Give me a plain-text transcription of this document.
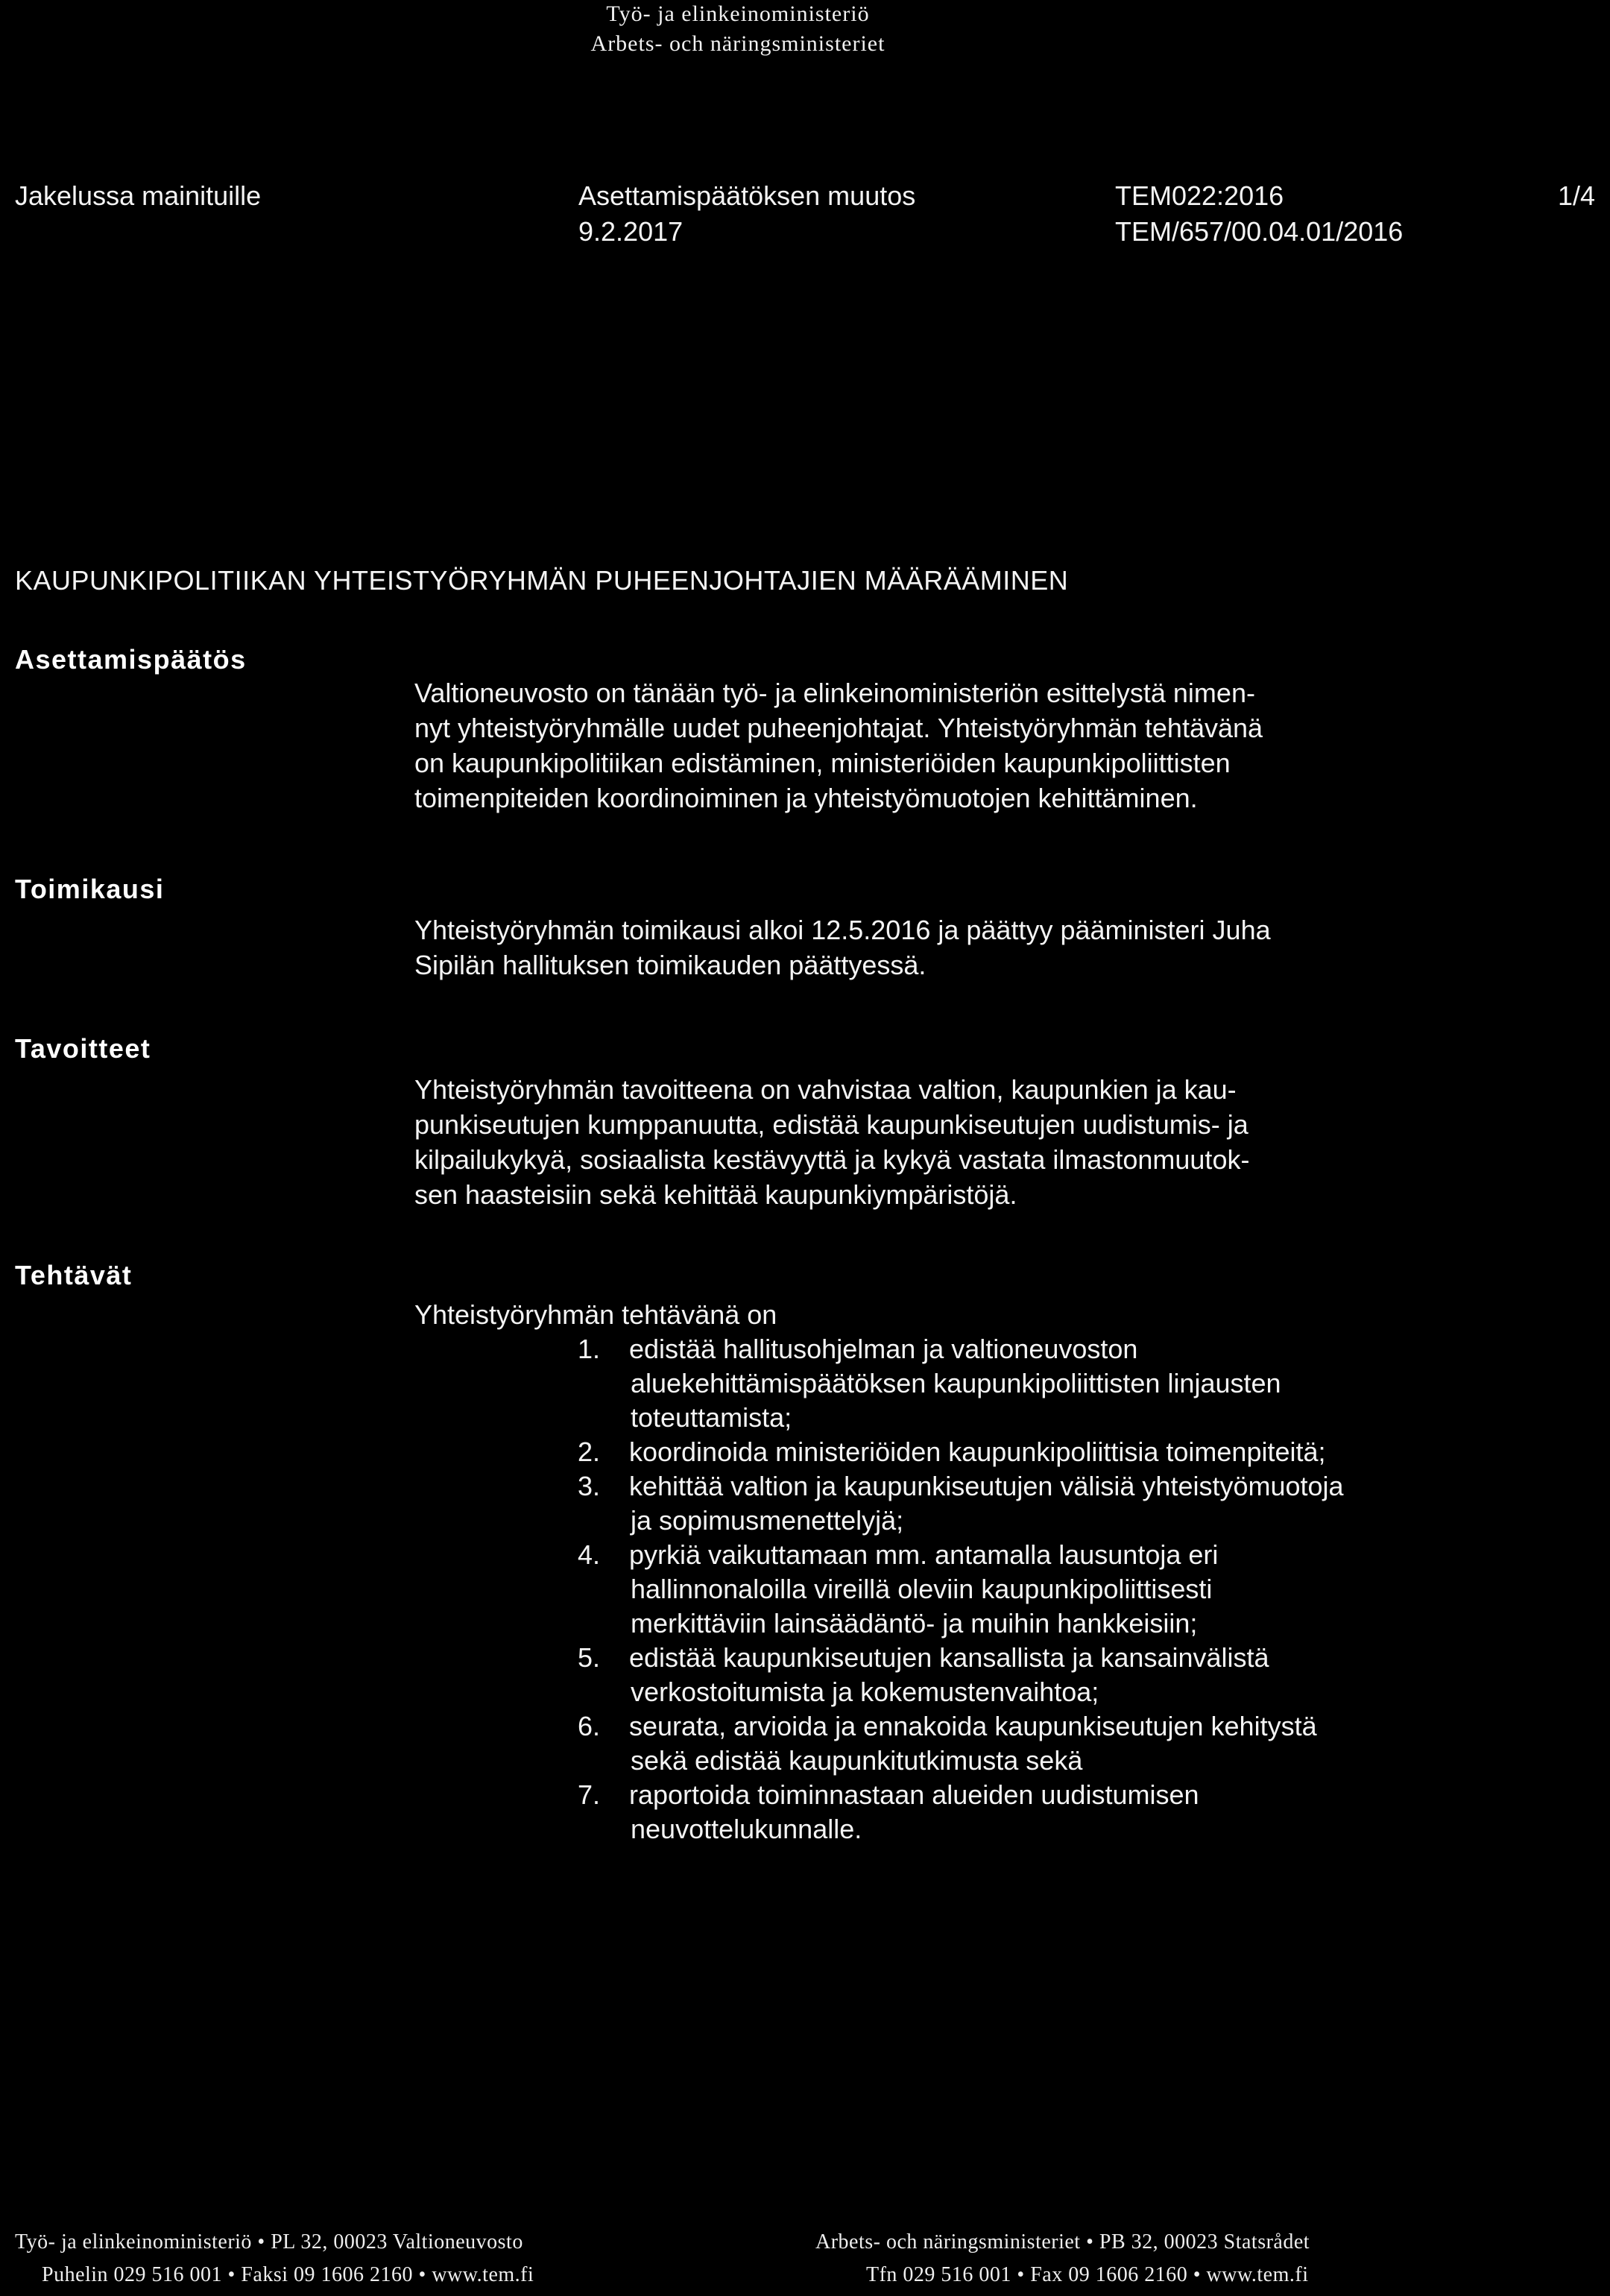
Työ- ja elinkeinoministeriö
Arbets- och näringsministeriet
Jakelussa mainituille	Asettamispäätöksen muutos
9.2.2017
TEM022:2016
TEM/657/00.04.01/2016
1/4
KAUPUNKIPOLITIIKAN YHTEISTYÖRYHMÄN PUHEENJOHTAJIEN MÄÄRÄÄMINEN
Asettamispäätös
Valtioneuvosto on tänään työ- ja elinkeinoministeriön esittelystä nimen-
nyt yhteistyöryhmälle uudet puheenjohtajat. Yhteistyöryhmän tehtävänä
on kaupunkipolitiikan edistäminen, ministeriöiden kaupunkipoliittisten
toimenpiteiden koordinoiminen ja yhteistyömuotojen kehittäminen.
Toimikausi
Yhteistyöryhmän toimikausi alkoi 12.5.2016 ja päättyy pääministeri Juha
Sipilän hallituksen toimikauden päättyessä.
Tavoitteet
Yhteistyöryhmän tavoitteena on vahvistaa valtion, kaupunkien ja kau-
punkiseutujen kumppanuutta, edistää kaupunkiseutujen uudistumis- ja
kilpailukykyä, sosiaalista kestävyyttä ja kykyä vastata ilmastonmuutok-
sen haasteisiin sekä kehittää kaupunkiympäristöjä.
Tehtävät
Yhteistyöryhmän tehtävänä on
1. edistää hallitusohjelman ja valtioneuvoston
aluekehittämispäätöksen kaupunkipoliittisten linjausten
toteuttamista;
2. koordinoida ministeriöiden kaupunkipoliittisia toimenpiteitä;
3. kehittää valtion ja kaupunkiseutujen välisiä yhteistyömuotoja
ja sopimusmenettelyjä;
4. pyrkiä vaikuttamaan mm. antamalla lausuntoja eri
hallinnonaloilla vireillä oleviin kaupunkipoliittisesti
merkittäviin lainsäädäntö- ja muihin hankkeisiin;
5. edistää kaupunkiseutujen kansallista ja kansainvälistä
verkostoitumista ja kokemustenvaihtoa;
6. seurata, arvioida ja ennakoida kaupunkiseutujen kehitystä
sekä edistää kaupunkitutkimusta sekä
7. raportoida toiminnastaan alueiden uudistumisen
neuvottelukunnalle.
Työ- ja elinkeinoministeriö • PL 32, 00023 Valtioneuvosto
Puhelin 029 516 001 • Faksi 09 1606 2160 • www.tem.fi
Arbets- och näringsministeriet • PB 32, 00023 Statsrådet
Tfn 029 516 001 • Fax 09 1606 2160 • www.tem.fi
